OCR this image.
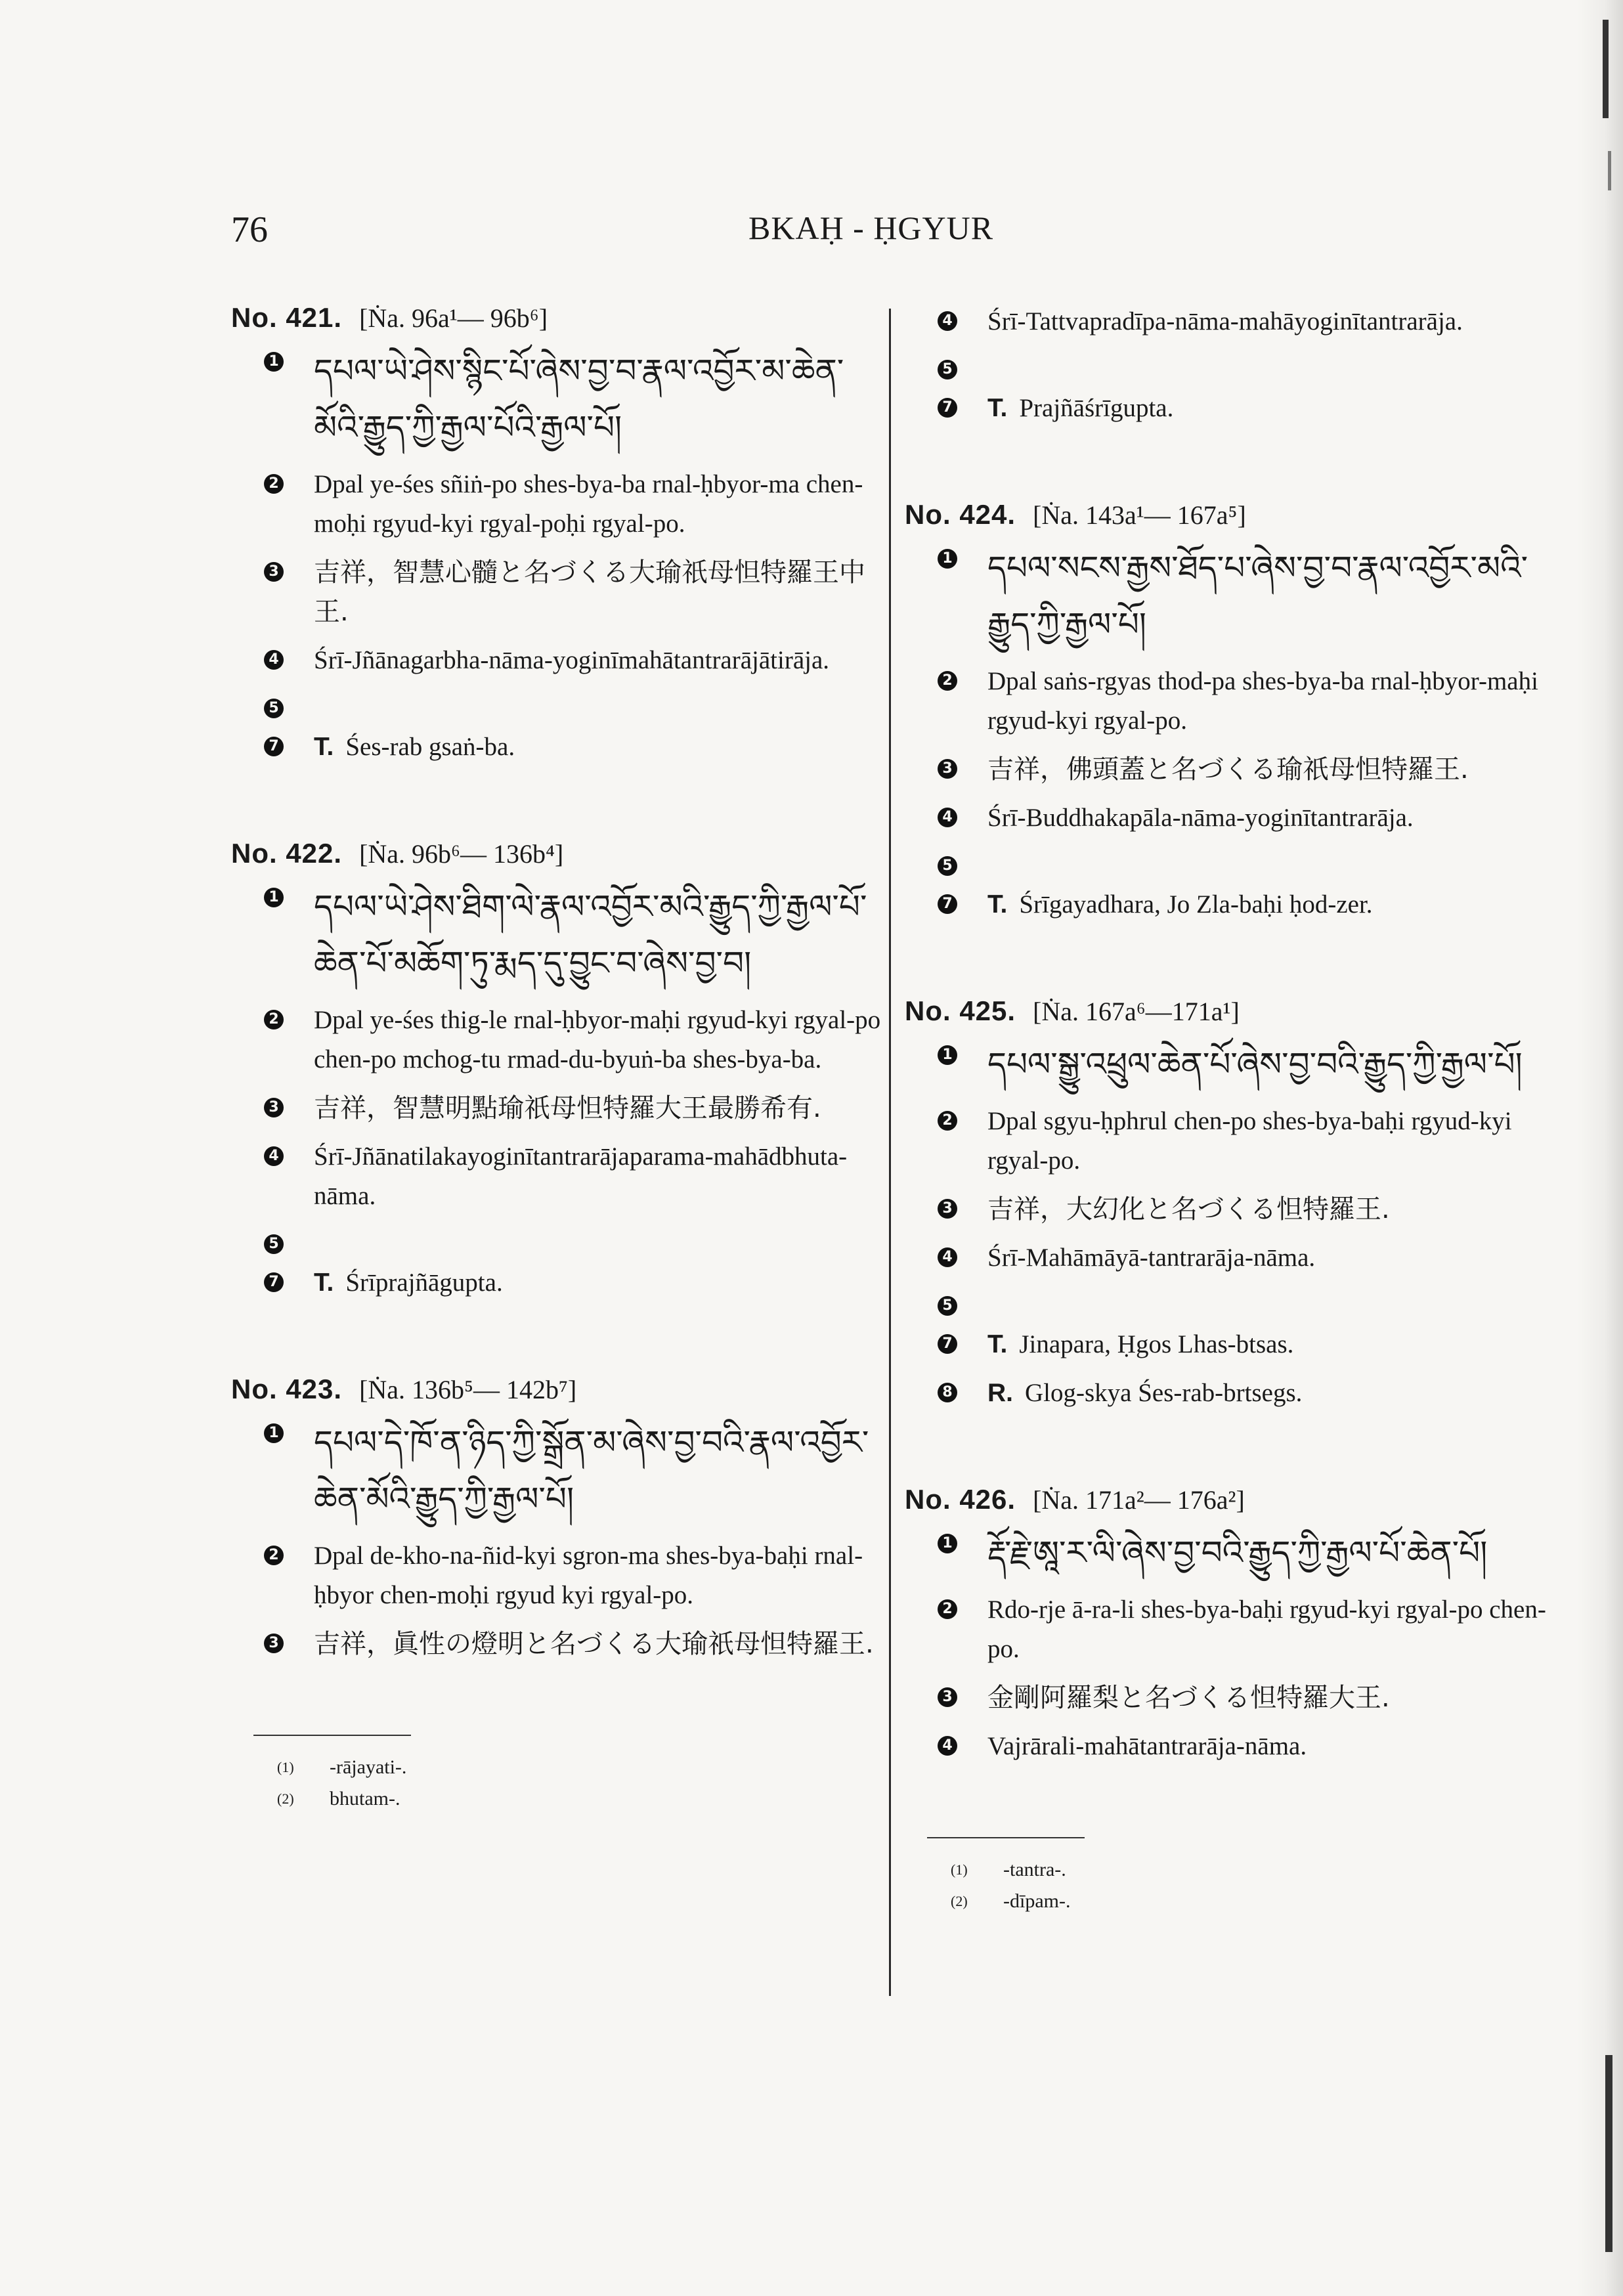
76	BKAḤ - ḤGYUR
No. 421. [Ṅa. 96a¹— 96b⁶]
1 དཔལ་ཡེ་ཤེས་སྙིང་པོ་ཞེས་བྱ་བ་རྣལ་འབྱོར་མ་ཆེན་མོའི་རྒྱུད་ཀྱི་རྒྱལ་པོའི་རྒྱལ་པོ།
2 Dpal ye-śes sñiṅ-po shes-bya-ba rnal-ḥbyor-ma chen-moḥi rgyud-kyi rgyal-poḥi rgyal-po.
3 吉祥，智慧心髓と名づくる大瑜祇母怛特羅王中王.
4 Śrī-Jñānagarbha-nāma-yoginīmahātantrarājātirāja.
5
7 T. Śes-rab gsaṅ-ba.
No. 422. [Ṅa. 96b⁶— 136b⁴]
1 དཔལ་ཡེ་ཤེས་ཐིག་ལེ་རྣལ་འབྱོར་མའི་རྒྱུད་ཀྱི་རྒྱལ་པོ་ཆེན་པོ་མཆོག་ཏུ་རྨད་དུ་བྱུང་བ་ཞེས་བྱ་བ།
2 Dpal ye-śes thig-le rnal-ḥbyor-maḥi rgyud-kyi rgyal-po chen-po mchog-tu rmad-du-byuṅ-ba shes-bya-ba.
3 吉祥，智慧明點瑜祇母怛特羅大王最勝希有.
4 Śrī-Jñānatilakayoginītantrarājaparama-mahādbhuta-nāma.
5
7 T. Śrīprajñāgupta.
No. 423. [Ṅa. 136b⁵— 142b⁷]
1 དཔལ་དེ་ཁོ་ན་ཉིད་ཀྱི་སྒྲོན་མ་ཞེས་བྱ་བའི་རྣལ་འབྱོར་ཆེན་མོའི་རྒྱུད་ཀྱི་རྒྱལ་པོ།
2 Dpal de-kho-na-ñid-kyi sgron-ma shes-bya-baḥi rnal-ḥbyor chen-moḥi rgyud kyi rgyal-po.
3 吉祥，眞性の燈明と名づくる大瑜祇母怛特羅王.
(1)	-rājayati-.
(2)	bhutam-.
4 Śrī-Tattvapradīpa-nāma-mahāyoginītantrarāja.
5
7 T. Prajñāśrīgupta.
No. 424. [Ṅa. 143a¹— 167a⁵]
1 དཔལ་སངས་རྒྱས་ཐོད་པ་ཞེས་བྱ་བ་རྣལ་འབྱོར་མའི་རྒྱུད་ཀྱི་རྒྱལ་པོ།
2 Dpal saṅs-rgyas thod-pa shes-bya-ba rnal-ḥbyor-maḥi rgyud-kyi rgyal-po.
3 吉祥，佛頭蓋と名づくる瑜祇母怛特羅王.
4 Śrī-Buddhakapāla-nāma-yoginītantrarāja.
5
7 T. Śrīgayadhara, Jo Zla-baḥi ḥod-zer.
No. 425. [Ṅa. 167a⁶—171a¹]
1 དཔལ་སྒྱུ་འཕྲུལ་ཆེན་པོ་ཞེས་བྱ་བའི་རྒྱུད་ཀྱི་རྒྱལ་པོ།
2 Dpal sgyu-ḥphrul chen-po shes-bya-baḥi rgyud-kyi rgyal-po.
3 吉祥，大幻化と名づくる怛特羅王.
4 Śrī-Mahāmāyā-tantrarāja-nāma.
5
7 T. Jinapara, Ḥgos Lhas-btsas.
8 R. Glog-skya Śes-rab-brtsegs.
No. 426. [Ṅa. 171a²— 176a²]
1 རྡོ་རྗེ་ཨཱ་ར་ལི་ཞེས་བྱ་བའི་རྒྱུད་ཀྱི་རྒྱལ་པོ་ཆེན་པོ།
2 Rdo-rje ā-ra-li shes-bya-baḥi rgyud-kyi rgyal-po chen-po.
3 金剛阿羅梨と名づくる怛特羅大王.
4 Vajrārali-mahātantrarāja-nāma.
(1)	-tantra-.
(2)	-dīpam-.
